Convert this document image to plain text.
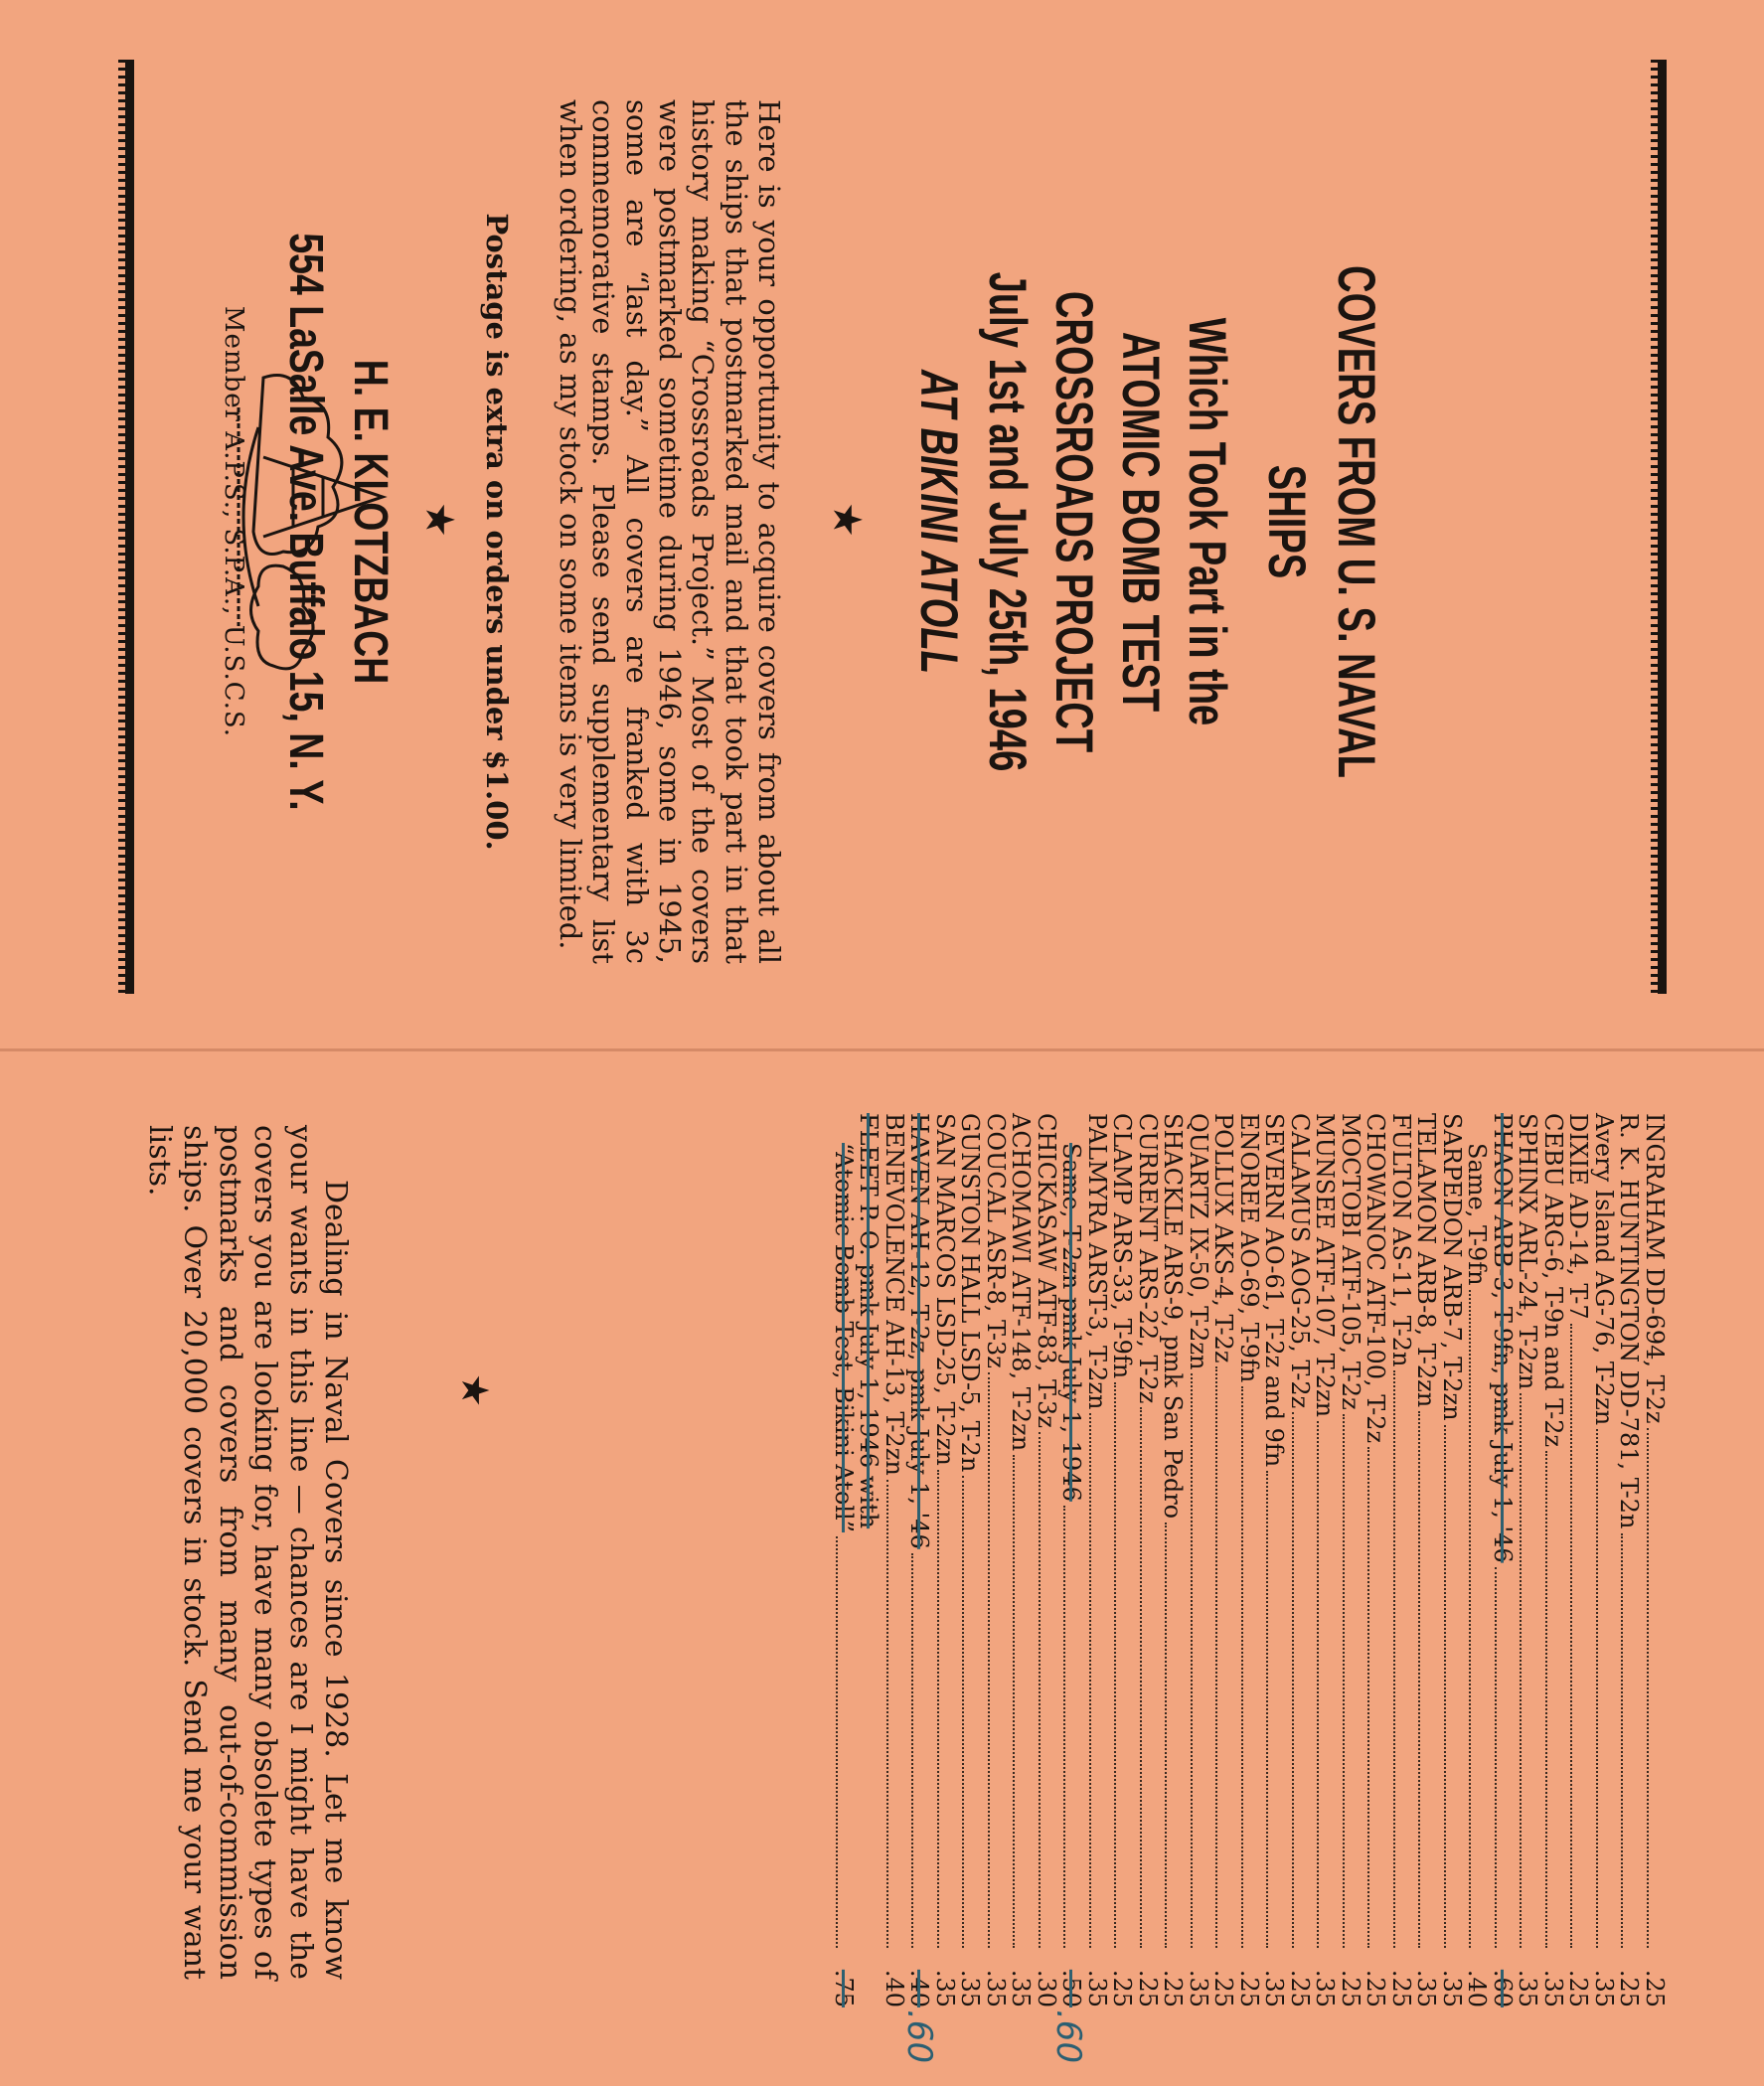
COVERS FROM U. S. NAVAL
SHIPS
Which Took Part in the
ATOMIC BOMB TEST
CROSSROADS PROJECT
July 1st and July 25th, 1946
Here is your opportunity to acquire covers from about all the ships that postmarked mail and that took part in that history making “Crossroads Project.” Most of the covers were postmarked sometime during 1946, some in 1945, some are “last day.” All covers are franked with 3c commemorative stamps. Please send supplementary list when ordering, as my stock on some items is very limited.
Postage is extra on orders under $1.00.
H. E. KLOTZBACH
554 LaSalle Ave. Buffalo 15, N. Y.
Member A.P.S., S.P.A., U.S.C.S.	AT BIKINI ATOLL
★
★
INGRAHAM DD-694, T-2z
.25
R. K. HUNTINGTON DD-781, T-2n
.25
Avery Island AG-76, T-2zn
.35
DIXIE AD-14, T-7
.25
CEBU ARG-6, T-9n and T-2z
.35
SPHINX ARL-24, T-2zn
.35
PHAON ARB-3, T-9fn, pmk July 1, '46
.60
Same, T-9fn
.40
SARPEDON ARB-7, T-2zn
.35
TELAMON ARB-8, T-2zn
.35
FULTON AS-11, T-2n
.25
CHOWANOC ATF-100, T-2z
.25
MOCTOBI ATF-105, T-2z
.25
MUNSEE ATF-107, T-2zn
.35
CALAMUS AOG-25, T-2z
.25
SEVERN AO-61, T-2z and 9fn
.35
ENOREE AO-69, T-9fn
.25
POLLUX AKS-4, T-2z
.25
QUARTZ IX-50, T-2zn
.35
SHACKLE ARS-9, pmk San Pedro
.25
CURRENT ARS-22, T-2z
.25
CLAMP ARS-33, T-9fn
.25
PALMYRA ARST-3, T-2zn
.35
Same, T-2zn pmk July 1, 1946
.50
CHICKASAW ATF-83, T-3z
.30
ACHOMAWI ATF-148, T-2zn
.35
COUCAL ASR-8, T-3z
.35
GUNSTON HALL LSD-5, T-2n
.35
SAN MARCOS LSD-25, T-2zn
.35
HAVEN AH-12, T-2z, pmk July 1, '46
.40
BENEVOLENCE AH-13, T-2zn
.40
FLEET P. O. pmk July 1, 1946 with
“Atomic Bomb Test, Bikini Atoll”
.75
.60
.60
★
Dealing in Naval Covers since 1928. Let me know your wants in this line — chances are I might have the covers you are looking for, have many obsolete types of postmarks and covers from many out-of-commission ships. Over 20,000 covers in stock. Send me your want lists.
